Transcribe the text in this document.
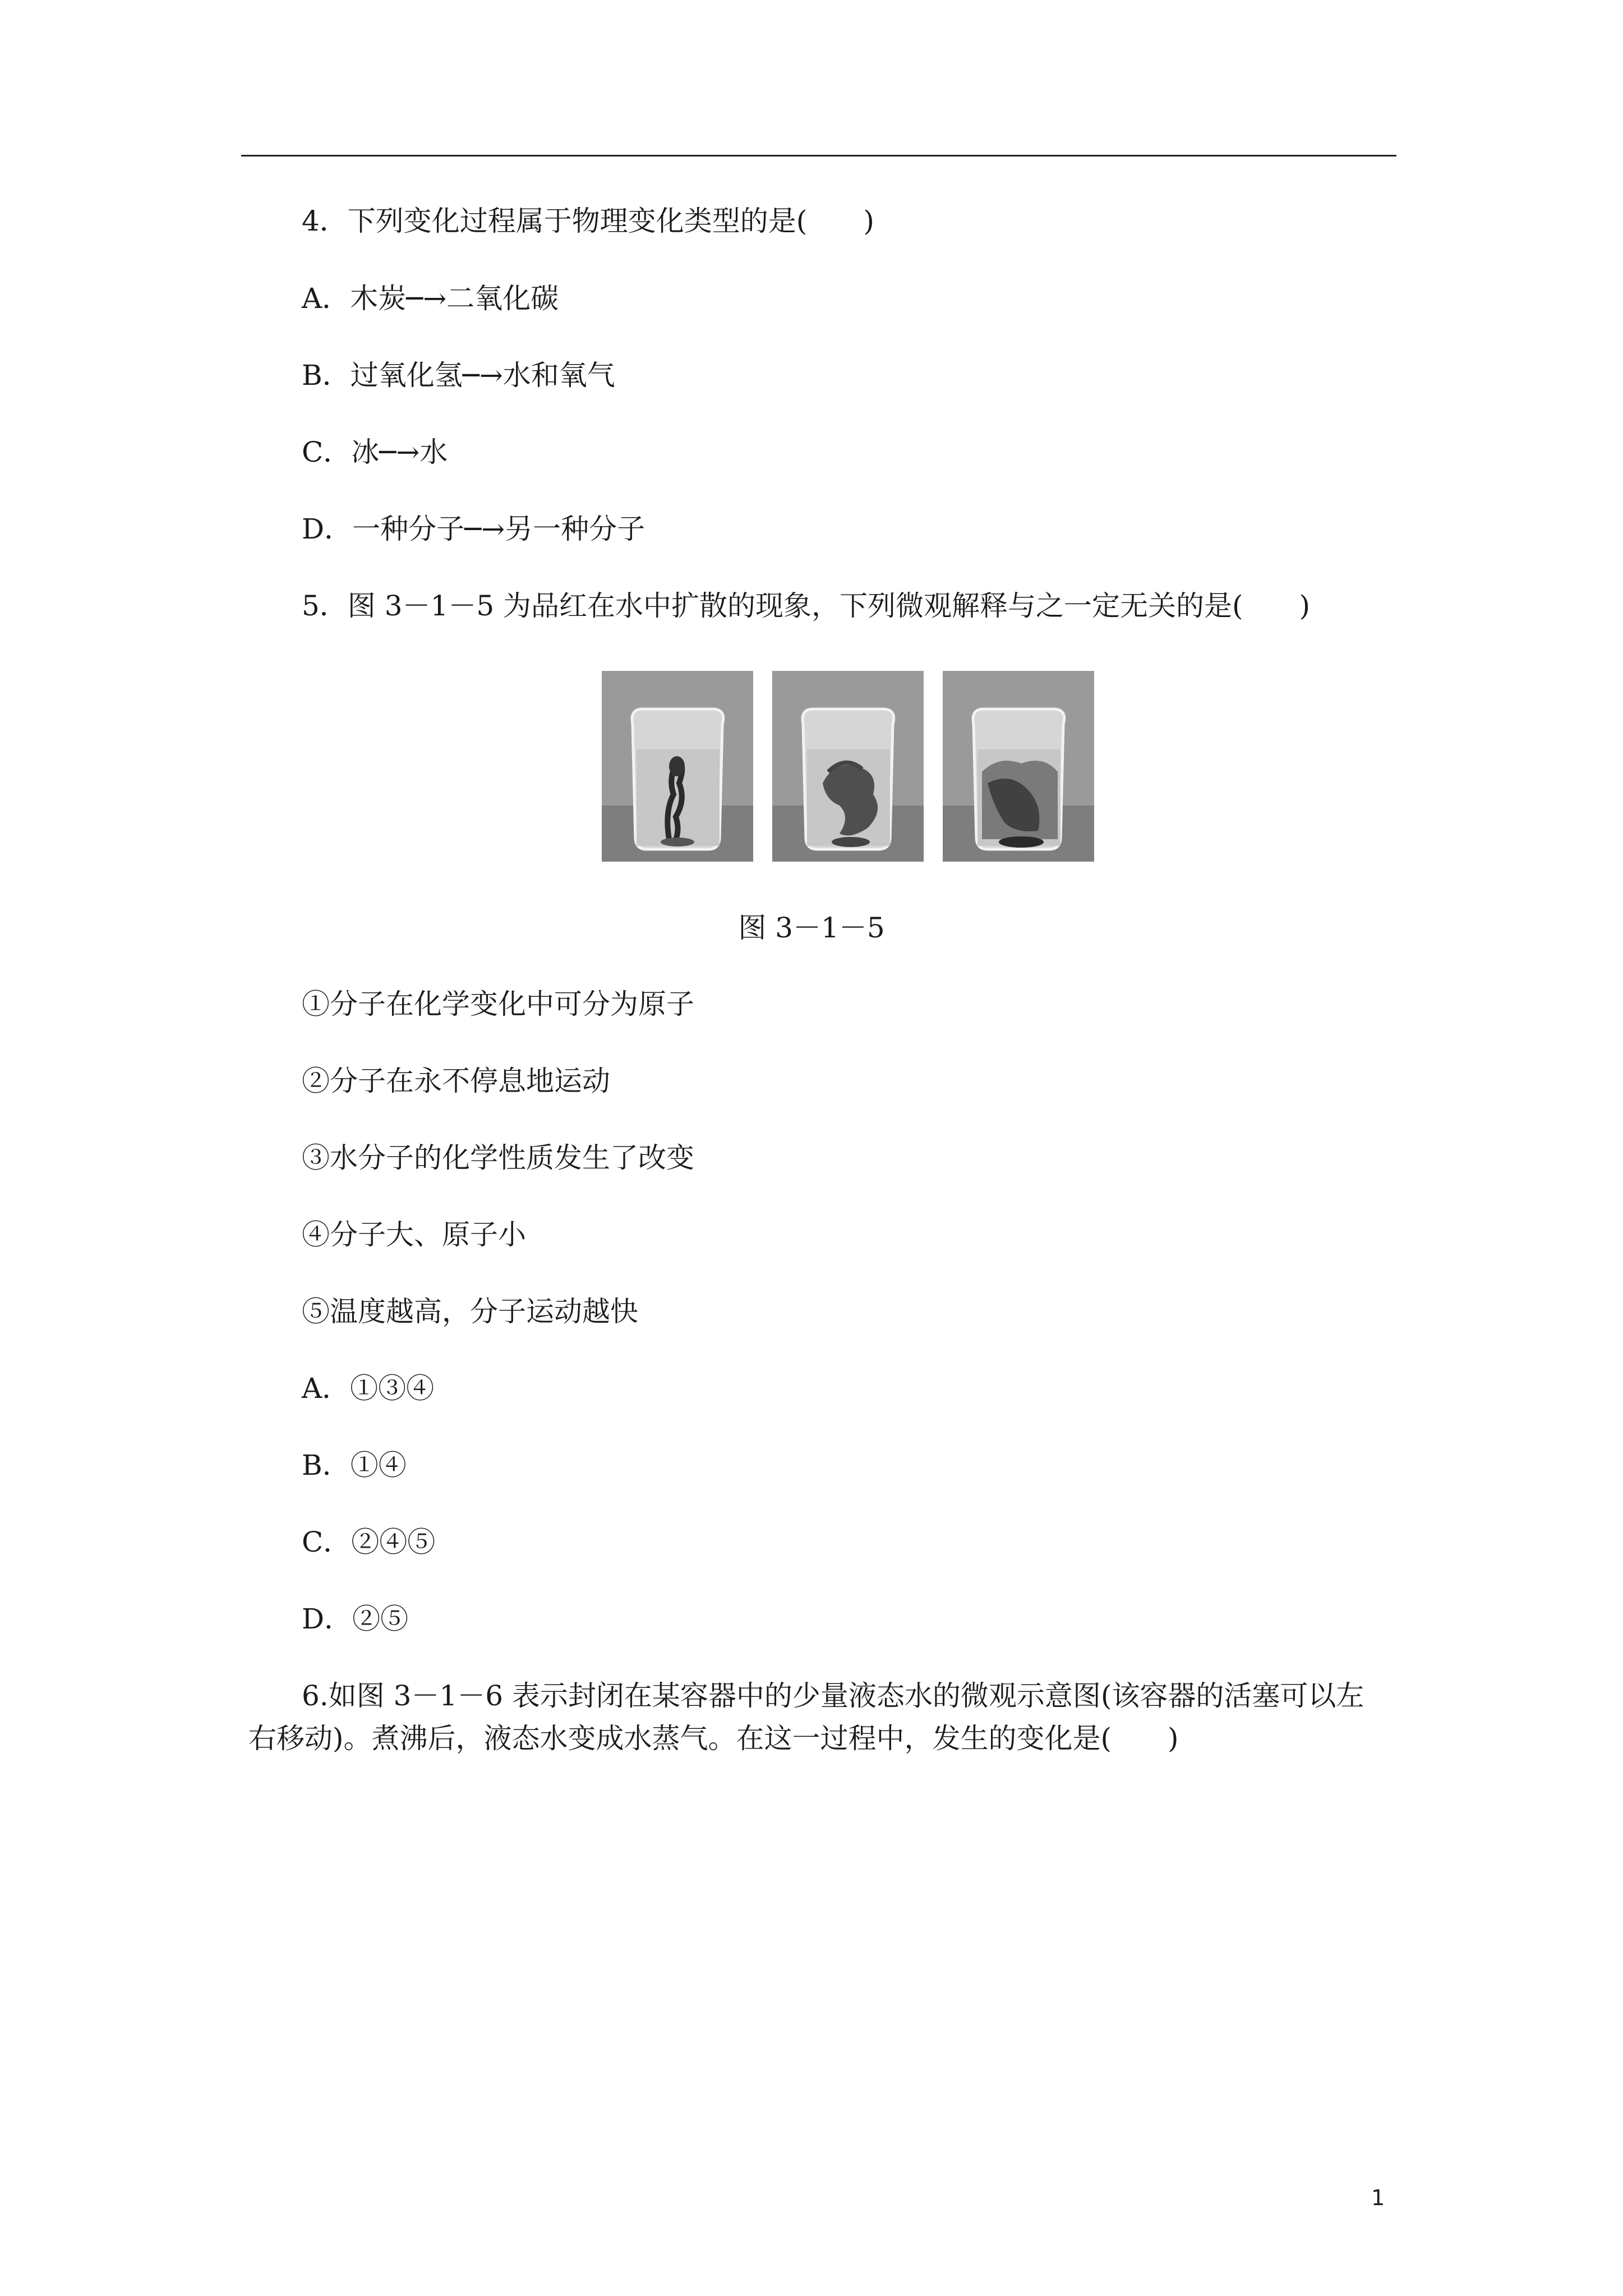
4．下列变化过程属于物理变化类型的是(　　)
A．木炭─→二氧化碳
B．过氧化氢─→水和氧气
C．冰─→水
D．一种分子─→另一种分子
5．图 3－1－5 为品红在水中扩散的现象，下列微观解释与之一定无关的是(　　)
图 3－1－5
①分子在化学变化中可分为原子
②分子在永不停息地运动
③水分子的化学性质发生了改变
④分子大、原子小
⑤温度越高，分子运动越快
A．①③④
B．①④
C．②④⑤
D．②⑤
6.如图 3－1－6 表示封闭在某容器中的少量液态水的微观示意图(该容器的活塞可以左
右移动)。煮沸后，液态水变成水蒸气。在这一过程中，发生的变化是(　　)
1
